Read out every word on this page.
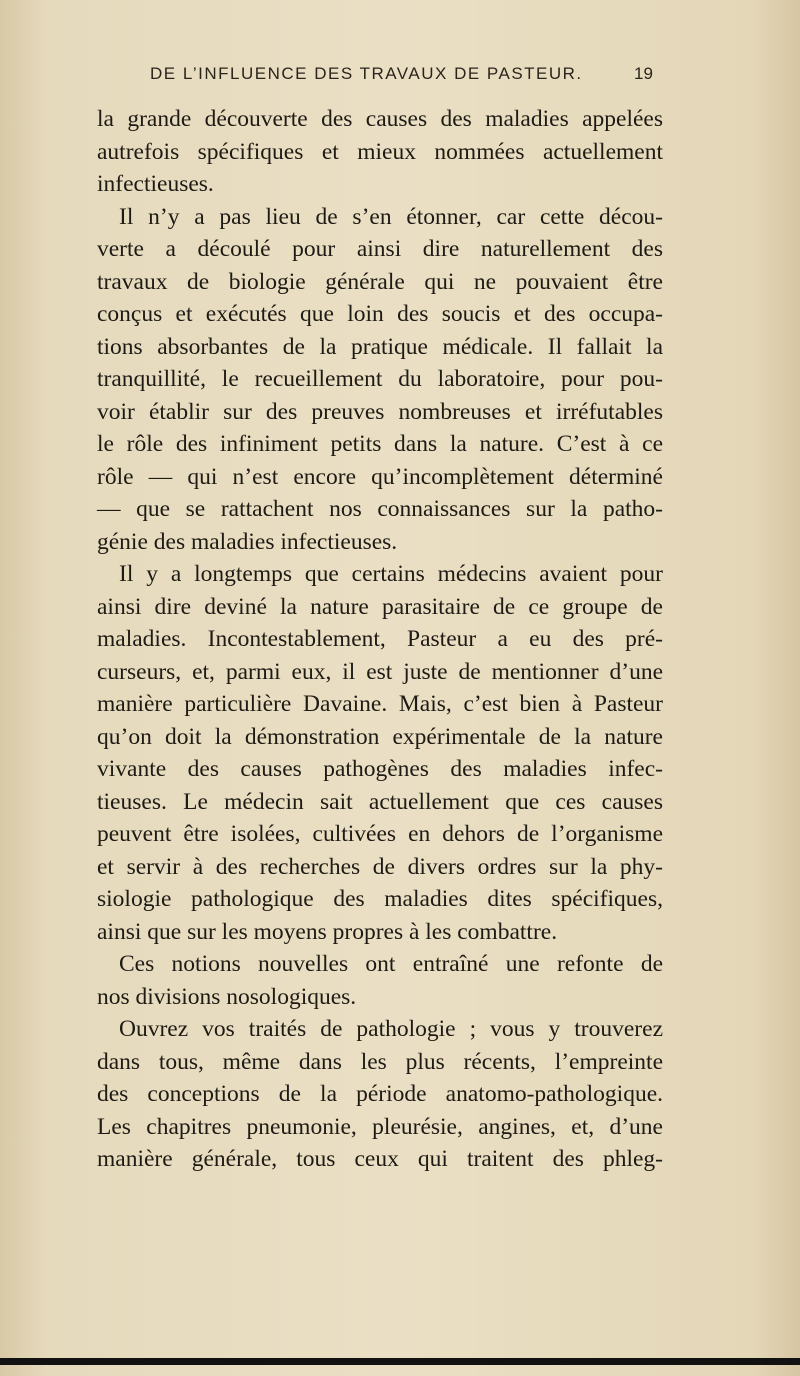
DE L’INFLUENCE DES TRAVAUX DE PASTEUR.	19
la grande découverte des causes des maladies appelées
autrefois spécifiques et mieux nommées actuellement
infectieuses.
Il n’y a pas lieu de s’en étonner, car cette décou-
verte a découlé pour ainsi dire naturellement des
travaux de biologie générale qui ne pouvaient être
conçus et exécutés que loin des soucis et des occupa-
tions absorbantes de la pratique médicale. Il fallait la
tranquillité, le recueillement du laboratoire, pour pou-
voir établir sur des preuves nombreuses et irréfutables
le rôle des infiniment petits dans la nature. C’est à ce
rôle — qui n’est encore qu’incomplètement déterminé
— que se rattachent nos connaissances sur la patho-
génie des maladies infectieuses.
Il y a longtemps que certains médecins avaient pour
ainsi dire deviné la nature parasitaire de ce groupe de
maladies. Incontestablement, Pasteur a eu des pré-
curseurs, et, parmi eux, il est juste de mentionner d’une
manière particulière Davaine. Mais, c’est bien à Pasteur
qu’on doit la démonstration expérimentale de la nature
vivante des causes pathogènes des maladies infec-
tieuses. Le médecin sait actuellement que ces causes
peuvent être isolées, cultivées en dehors de l’organisme
et servir à des recherches de divers ordres sur la phy-
siologie pathologique des maladies dites spécifiques,
ainsi que sur les moyens propres à les combattre.
Ces notions nouvelles ont entraîné une refonte de
nos divisions nosologiques.
Ouvrez vos traités de pathologie ; vous y trouverez
dans tous, même dans les plus récents, l’empreinte
des conceptions de la période anatomo-pathologique.
Les chapitres pneumonie, pleurésie, angines, et, d’une
manière générale, tous ceux qui traitent des phleg-
